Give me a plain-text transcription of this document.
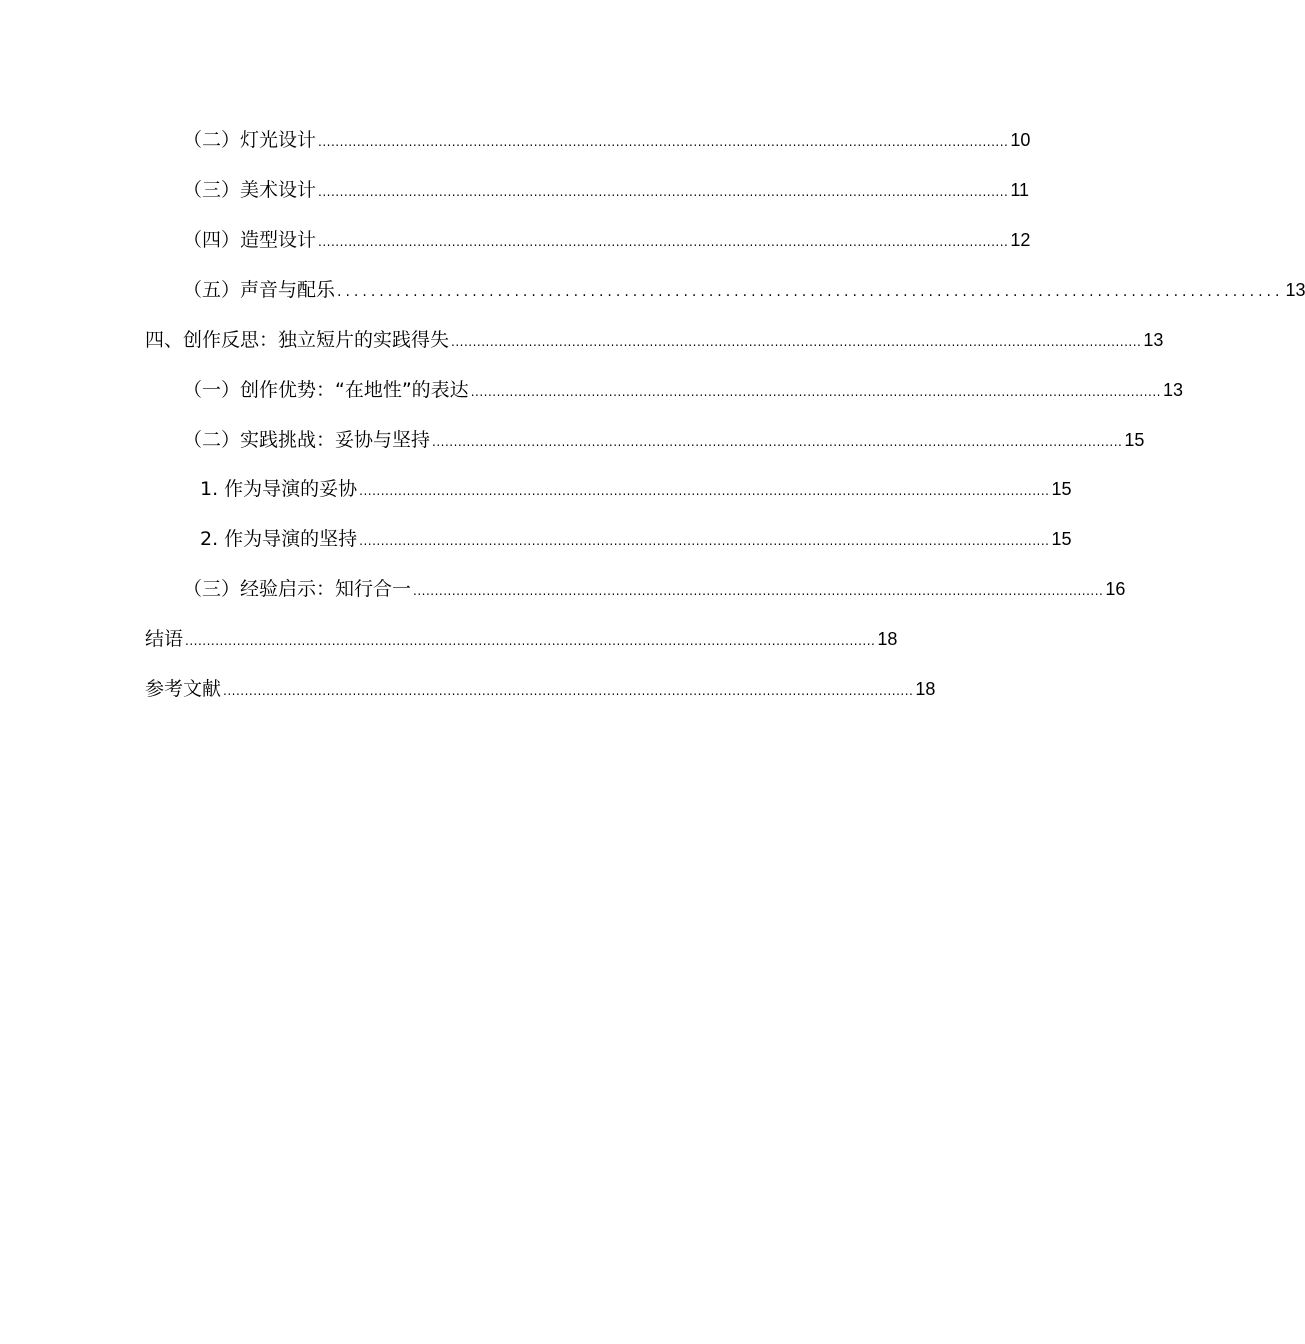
（二）灯光设计 ................................................................................................................................................................ 10
（三）美术设计 ................................................................................................................................................................ 11
（四）造型设计 ................................................................................................................................................................ 12
（五）声音与配乐 ................................................................................................................ 13
四、创作反思：独立短片的实践得失 ................................................................................................................................................................ 13
（一）创作优势：“在地性”的表达 ................................................................................................................................................................ 13
（二）实践挑战：妥协与坚持 ................................................................................................................................................................ 15
1. 作为导演的妥协 ................................................................................................................................................................ 15
2. 作为导演的坚持 ................................................................................................................................................................ 15
（三）经验启示：知行合一 ................................................................................................................................................................ 16
结语 ................................................................................................................................................................ 18
参考文献 ................................................................................................................................................................ 18
